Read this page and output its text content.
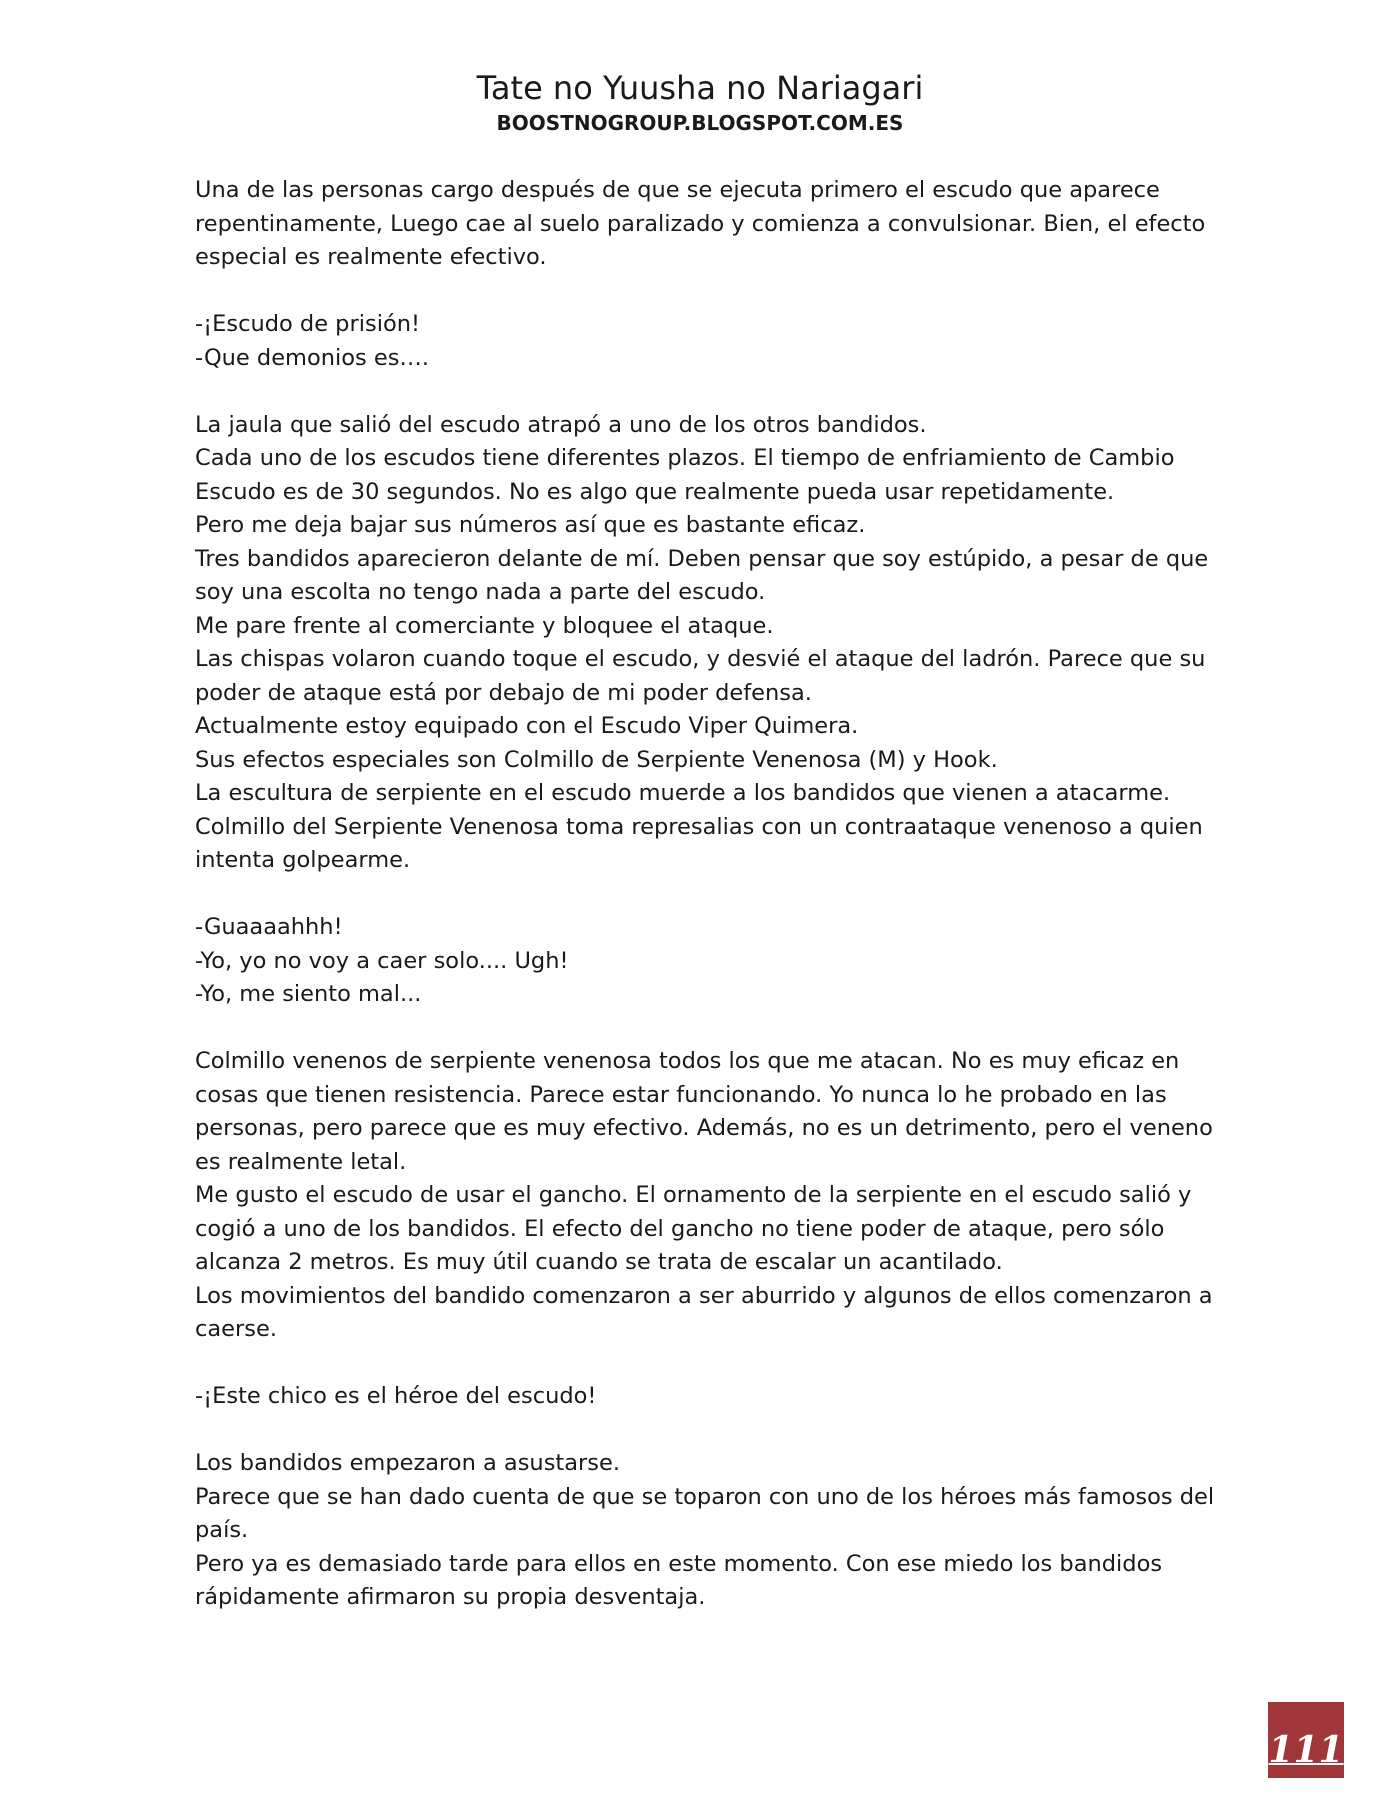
Tate no Yuusha no Nariagari
BOOSTNOGROUP.BLOGSPOT.COM.ES
Una de las personas cargo después de que se ejecuta primero el escudo que aparece
repentinamente, Luego cae al suelo paralizado y comienza a convulsionar. Bien, el efecto
especial es realmente efectivo.
-¡Escudo de prisión!
-Que demonios es….
La jaula que salió del escudo atrapó a uno de los otros bandidos.
Cada uno de los escudos tiene diferentes plazos. El tiempo de enfriamiento de Cambio
Escudo es de 30 segundos. No es algo que realmente pueda usar repetidamente.
Pero me deja bajar sus números así que es bastante eficaz.
Tres bandidos aparecieron delante de mí. Deben pensar que soy estúpido, a pesar de que
soy una escolta no tengo nada a parte del escudo.
Me pare frente al comerciante y bloquee el ataque.
Las chispas volaron cuando toque el escudo, y desvié el ataque del ladrón. Parece que su
poder de ataque está por debajo de mi poder defensa.
Actualmente estoy equipado con el Escudo Viper Quimera.
Sus efectos especiales son Colmillo de Serpiente Venenosa (M) y Hook.
La escultura de serpiente en el escudo muerde a los bandidos que vienen a atacarme.
Colmillo del Serpiente Venenosa toma represalias con un contraataque venenoso a quien
intenta golpearme.
-Guaaaahhh!
-Yo, yo no voy a caer solo.... Ugh!
-Yo, me siento mal...
Colmillo venenos de serpiente venenosa todos los que me atacan. No es muy eficaz en
cosas que tienen resistencia. Parece estar funcionando. Yo nunca lo he probado en las
personas, pero parece que es muy efectivo. Además, no es un detrimento, pero el veneno
es realmente letal.
Me gusto el escudo de usar el gancho. El ornamento de la serpiente en el escudo salió y
cogió a uno de los bandidos. El efecto del gancho no tiene poder de ataque, pero sólo
alcanza 2 metros. Es muy útil cuando se trata de escalar un acantilado.
Los movimientos del bandido comenzaron a ser aburrido y algunos de ellos comenzaron a
caerse.
-¡Este chico es el héroe del escudo!
Los bandidos empezaron a asustarse.
Parece que se han dado cuenta de que se toparon con uno de los héroes más famosos del
país.
Pero ya es demasiado tarde para ellos en este momento. Con ese miedo los bandidos
rápidamente afirmaron su propia desventaja.
111
